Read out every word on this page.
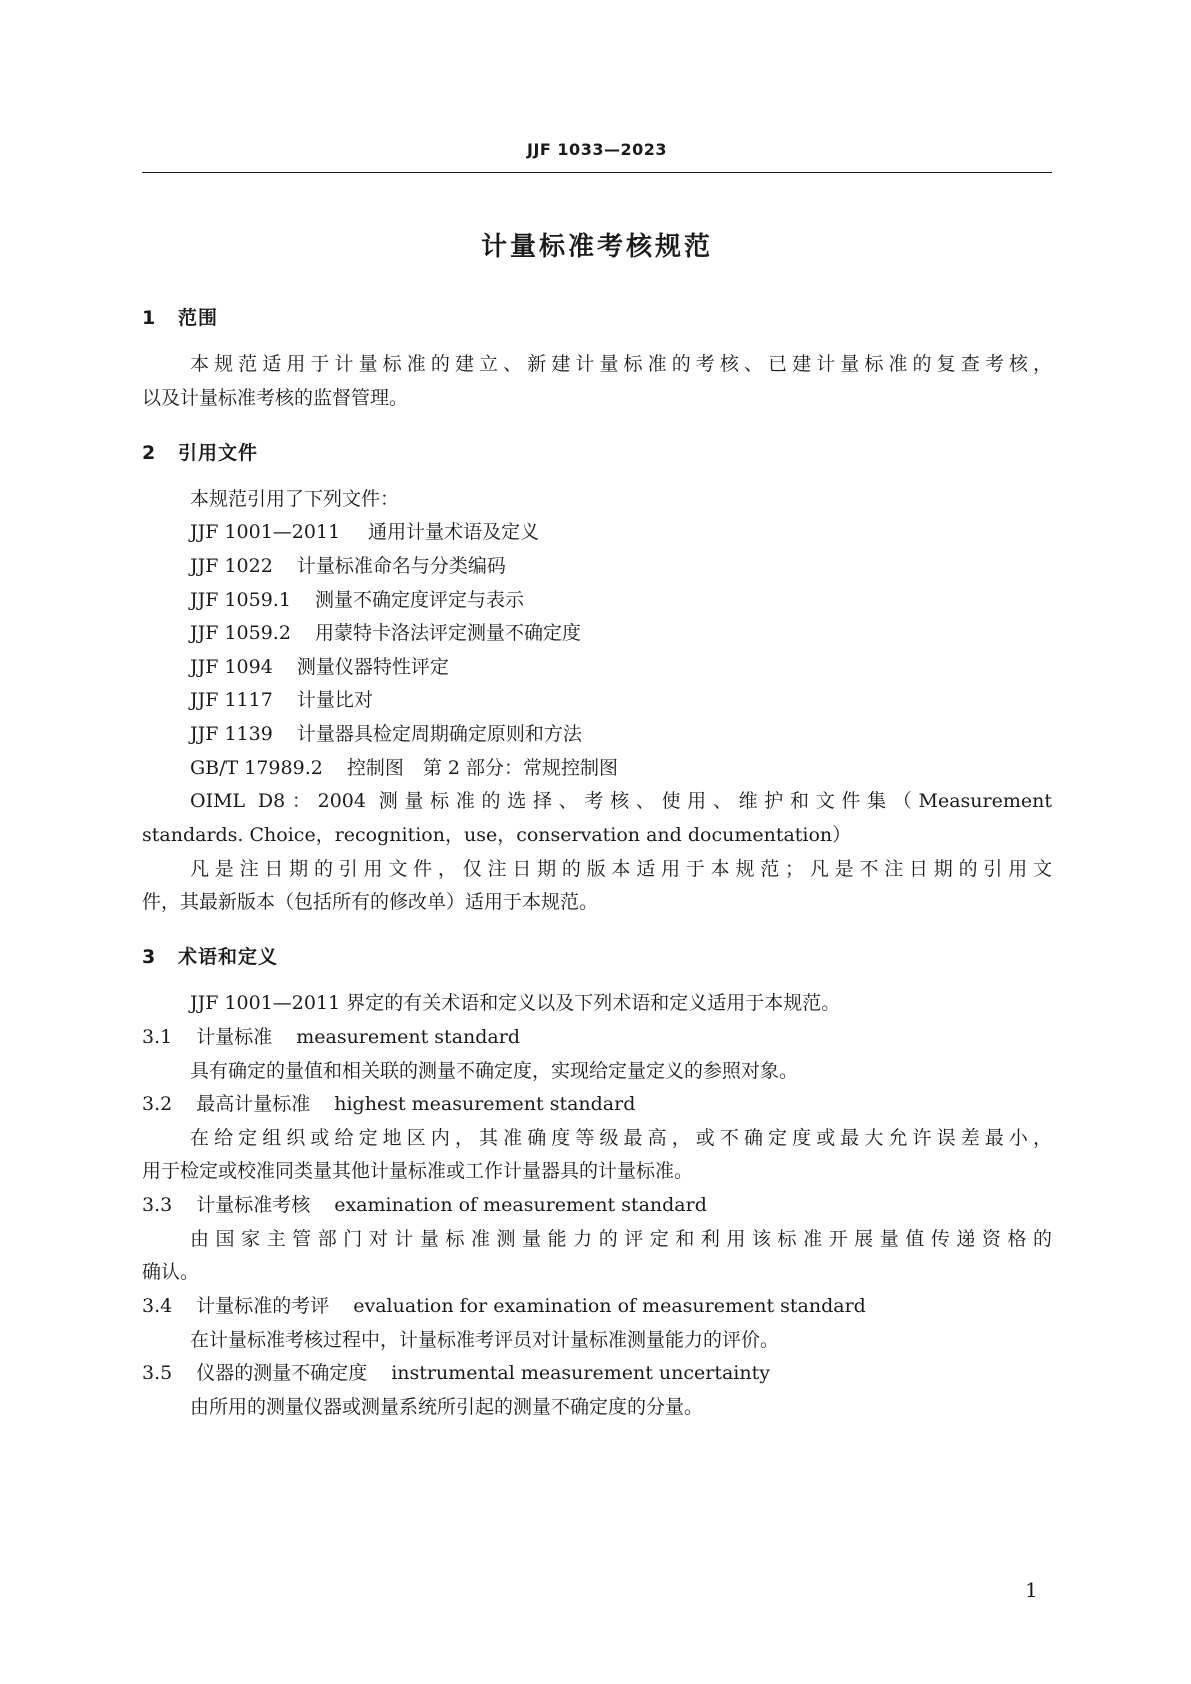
JJF 1033—2023
计量标准考核规范
1 范围
本规范适用于计量标准的建立、新建计量标准的考核、已建计量标准的复查考核，
以及计量标准考核的监督管理。
2 引用文件
本规范引用了下列文件：
JJF 1001—2011 通用计量术语及定义
JJF 1022 计量标准命名与分类编码
JJF 1059.1 测量不确定度评定与表示
JJF 1059.2 用蒙特卡洛法评定测量不确定度
JJF 1094 测量仪器特性评定
JJF 1117 计量比对
JJF 1139 计量器具检定周期确定原则和方法
GB/T 17989.2 控制图　第 2 部分：常规控制图
OIML D8：2004 测量标准的选择、考核、使用、维护和文件集（Measurement
standards. Choice，recognition，use，conservation and documentation）
凡是注日期的引用文件，仅注日期的版本适用于本规范；凡是不注日期的引用文
件，其最新版本（包括所有的修改单）适用于本规范。
3 术语和定义
JJF 1001—2011 界定的有关术语和定义以及下列术语和定义适用于本规范。
3.1 计量标准 measurement standard
具有确定的量值和相关联的测量不确定度，实现给定量定义的参照对象。
3.2 最高计量标准 highest measurement standard
在给定组织或给定地区内，其准确度等级最高，或不确定度或最大允许误差最小，
用于检定或校准同类量其他计量标准或工作计量器具的计量标准。
3.3 计量标准考核 examination of measurement standard
由国家主管部门对计量标准测量能力的评定和利用该标准开展量值传递资格的
确认。
3.4 计量标准的考评 evaluation for examination of measurement standard
在计量标准考核过程中，计量标准考评员对计量标准测量能力的评价。
3.5 仪器的测量不确定度 instrumental measurement uncertainty
由所用的测量仪器或测量系统所引起的测量不确定度的分量。
1
